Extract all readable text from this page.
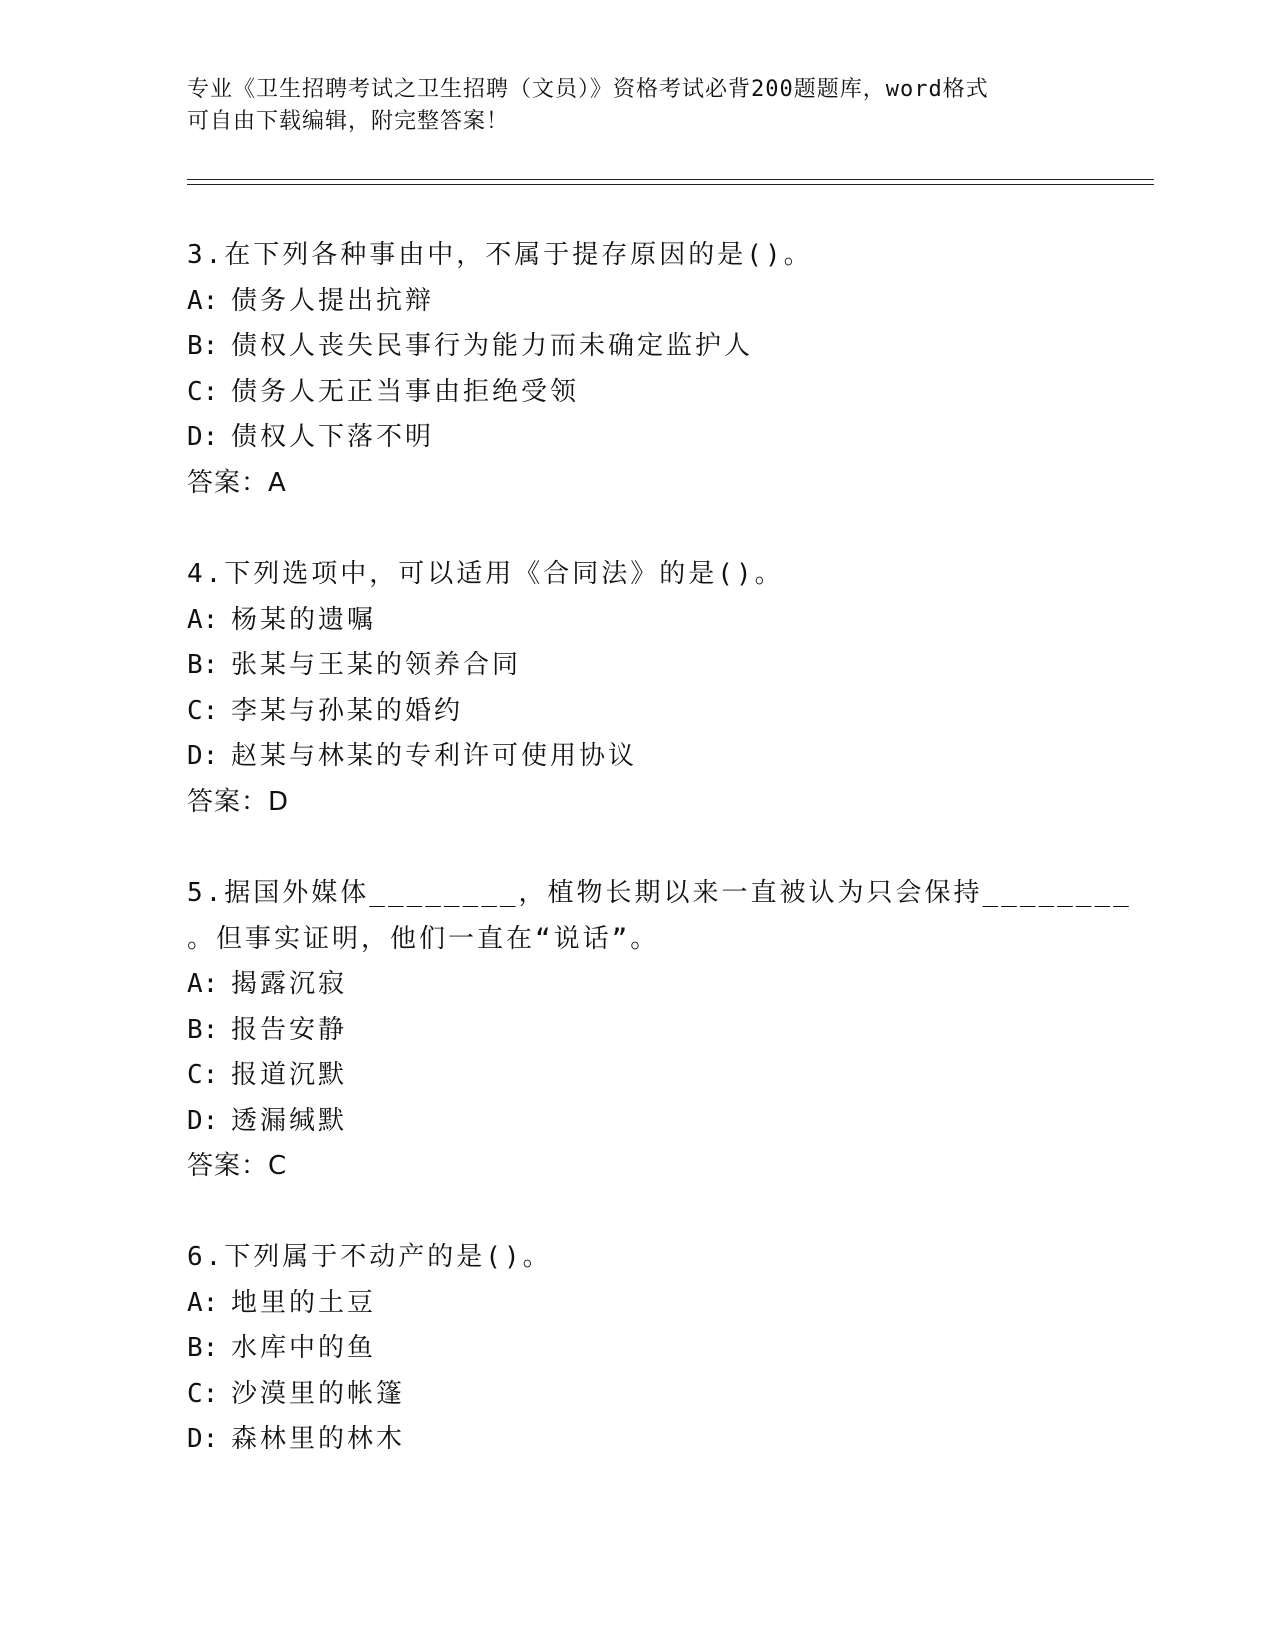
专业《卫生招聘考试之卫生招聘（文员）》资格考试必背200题题库，word格式
可自由下载编辑，附完整答案！
3.在下列各种事由中，不属于提存原因的是()。
A: 债务人提出抗辩
B: 债权人丧失民事行为能力而未确定监护人
C: 债务人无正当事由拒绝受领
D: 债权人下落不明
答案：A
4.下列选项中，可以适用《合同法》的是()。
A: 杨某的遗嘱
B: 张某与王某的领养合同
C: 李某与孙某的婚约
D: 赵某与林某的专利许可使用协议
答案：D
5.据国外媒体________，植物长期以来一直被认为只会保持________
。但事实证明，他们一直在“说话”。
A: 揭露沉寂
B: 报告安静
C: 报道沉默
D: 透漏缄默
答案：C
6.下列属于不动产的是()。
A: 地里的土豆
B: 水库中的鱼
C: 沙漠里的帐篷
D: 森林里的林木
